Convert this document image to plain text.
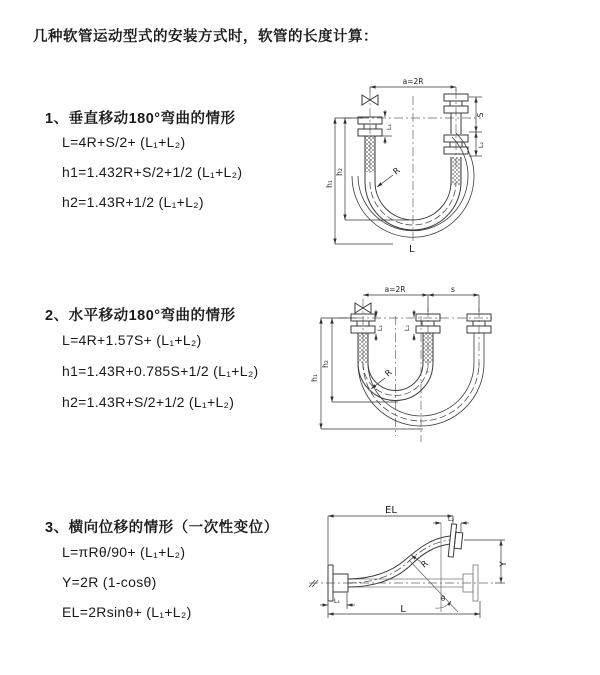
几种软管运动型式的安装方式时，软管的长度计算：
1、垂直移动180°弯曲的情形
L=4R+S/2+ (L₁+L₂)
h1=1.432R+S/2+1/2 (L₁+L₂)
h2=1.43R+1/2 (L₁+L₂)
a=2R
h₁
h₂
L₁
S
L₂
R
L
2、水平移动180°弯曲的情形
L=4R+1.57S+ (L₁+L₂)
h1=1.43R+0.785S+1/2 (L₁+L₂)
h2=1.43R+S/2+1/2 (L₁+L₂)
a=2R	s
h₁
h₂
L₁	L₂
R
3、横向位移的情形（一次性变位）
L=πRθ/90+ (L₁+L₂)
Y=2R (1-cosθ)
EL=2Rsinθ+ (L₁+L₂)
EL
L₂
Y
L
L₁
R
θ
